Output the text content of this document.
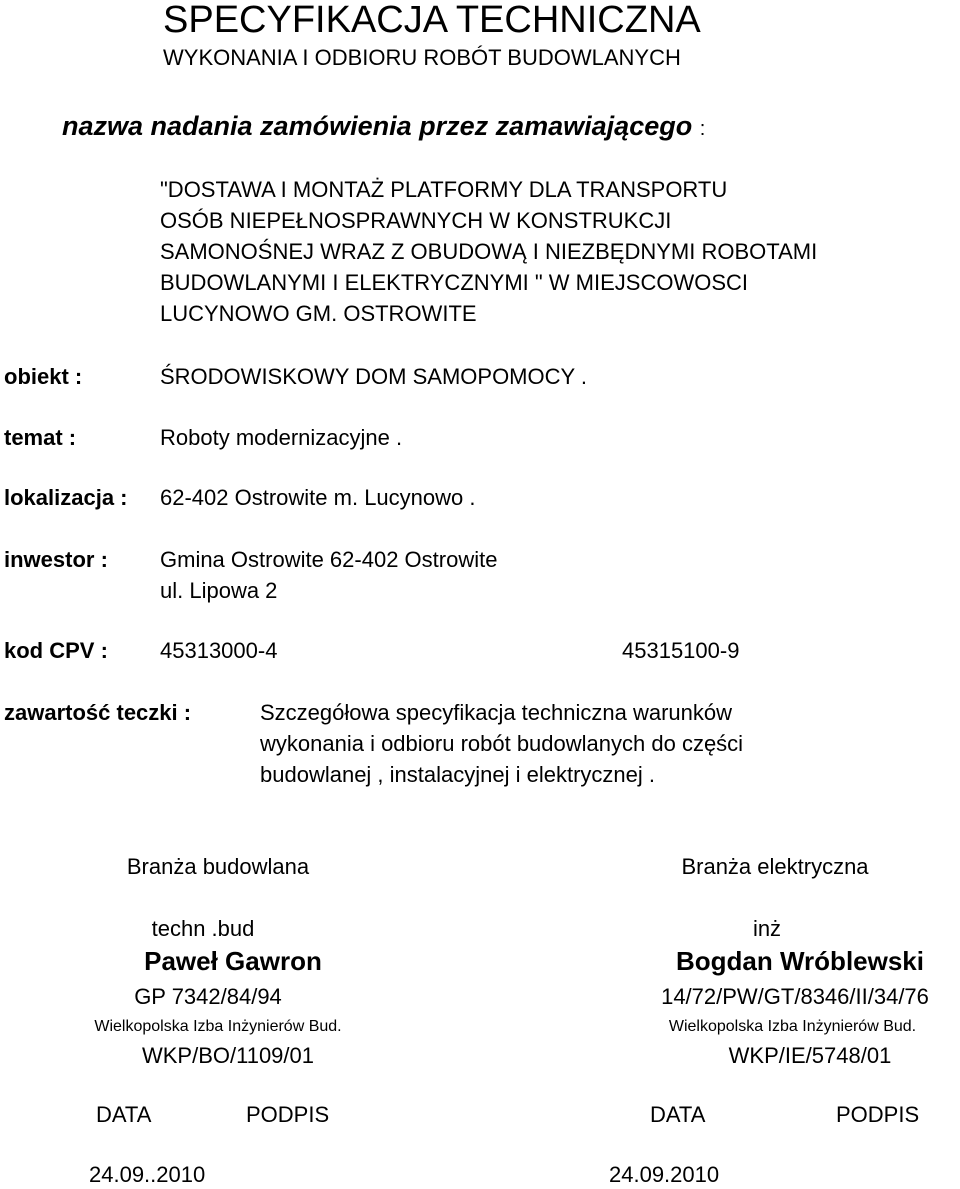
SPECYFIKACJA TECHNICZNA
WYKONANIA I ODBIORU ROBÓT BUDOWLANYCH
nazwa nadania zamówienia przez zamawiającego :
"DOSTAWA I MONTAŻ PLATFORMY DLA TRANSPORTU
OSÓB NIEPEŁNOSPRAWNYCH W KONSTRUKCJI
SAMONOŚNEJ WRAZ Z OBUDOWĄ I NIEZBĘDNYMI ROBOTAMI
BUDOWLANYMI I ELEKTRYCZNYMI " W MIEJSCOWOSCI
LUCYNOWO GM. OSTROWITE
obiekt :	ŚRODOWISKOWY DOM SAMOPOMOCY .
temat :	Roboty modernizacyjne .
lokalizacja : 62-402 Ostrowite m. Lucynowo .
inwestor : Gmina Ostrowite 62-402 Ostrowite
ul. Lipowa 2
kod CPV : 45313000-4	45315100-9
zawartość teczki :	Szczegółowa specyfikacja techniczna warunków
wykonania i odbioru robót budowlanych do części
budowlanej , instalacyjnej i elektrycznej .
Branża budowlana
techn .bud
Paweł Gawron
GP 7342/84/94
Wielkopolska Izba Inżynierów Bud.
WKP/BO/1109/01
DATA	PODPIS
24.09..2010
Branża elektryczna
inż
Bogdan Wróblewski
14/72/PW/GT/8346/II/34/76
Wielkopolska Izba Inżynierów Bud.
WKP/IE/5748/01
DATA	PODPIS
24.09.2010
